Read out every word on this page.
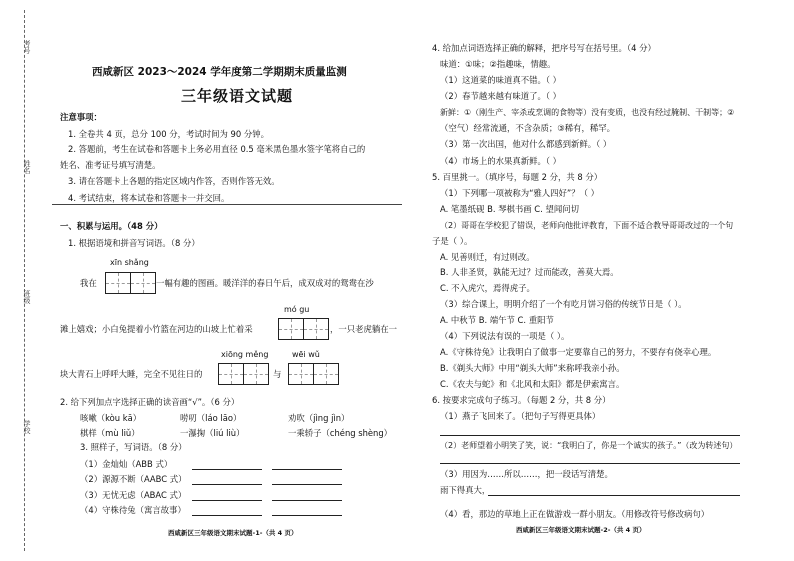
考号
姓名
班级
学校
西咸新区 2023～2024 学年度第二学期期末质量监测
三年级语文试题
注意事项：
1. 全卷共 4 页，总分 100 分，考试时间为 90 分钟。
2. 答题前，考生在试卷和答题卡上务必用直径 0.5 毫米黑色墨水签字笔将自己的
姓名、准考证号填写清楚。
3. 请在答题卡上各题的指定区域内作答，否则作答无效。
4. 考试结束，将本试卷和答题卡一并交回。
一、积累与运用。（48 分）
1. 根据语境和拼音写词语。（8 分）
xīn shǎng
我在	一幅有趣的图画。暖洋洋的春日午后，成双成对的鸳鸯在沙
mó gu
滩上嬉戏；小白兔提着小竹篮在河边的山坡上忙着采	，一只老虎躺在一
xiōng měng	wēi wǔ
块大青石上呼呼大睡，完全不见往日的	与
2. 给下列加点字选择正确的读音画“√”。（6 分）
咳嗽（kòu kā）	唠叨（láo lāo）	劝吹（jìng jìn）
棋样（mù liǔ）	一瀑掬（liú liù）	一乘轿子（chéng shèng）
3. 照样子，写词语。（8 分）
（1）金灿灿（ABB 式）
（2）源源不断（AABC 式）
（3）无忧无虑（ABAC 式）
（4）守株待兔（寓言故事）
西咸新区三年级语文期末试题-1-（共 4 页）
4. 给加点词语选择正确的解释，把序号写在括号里。（4 分）
味道：①味；②指趣味，情趣。
（1）这道菜的味道真不错。（ ）
（2）春节越来越有味道了。（ ）
新鲜：①（刚生产、宰杀或烹调的食物等）没有变质，也没有经过腌制、干制等；②
（空气）经常流通，不含杂质；③稀有，稀罕。
（3）第一次出国，他对什么都感到新鲜。（ ）
（4）市场上的水果真新鲜。（ ）
5. 百里挑一。（填序号，每题 2 分，共 8 分）
（1）下列哪一项被称为“雅人四好”？（ ）
A. 笔墨纸砚 B. 琴棋书画 C. 望闻问切
（2）哥哥在学校犯了错误，老师向他批评教育，下面不适合教导哥哥改过的一个句
子是（ ）。
A. 见善则迁，有过则改。
B. 人非圣贤，孰能无过？过而能改，善莫大焉。
C. 不入虎穴，焉得虎子。
（3）综合课上，明明介绍了一个有吃月饼习俗的传统节日是（ ）。
A. 中秋节 B. 端午节 C. 重阳节
（4）下列说法有误的一项是（ ）。
A.《守株待兔》让我明白了做事一定要靠自己的努力，不要存有侥幸心理。
B.《剃头大师》中用“剃头大师”来称呼我亲小孙。
C.《农夫与蛇》和《北风和太阳》都是伊索寓言。
6. 按要求完成句子练习。（每题 2 分，共 8 分）
（1）燕子飞回来了。（把句子写得更具体）
（2）老师望着小明笑了笑，说：“我明白了，你是一个诚实的孩子。”（改为转述句）
（3）用因为……所以……，把一段话写清楚。
雨下得真大，
（4）看，那边的草地上正在做游戏一群小朋友。（用修改符号修改病句）
西咸新区三年级语文期末试题-2-（共 4 页）
